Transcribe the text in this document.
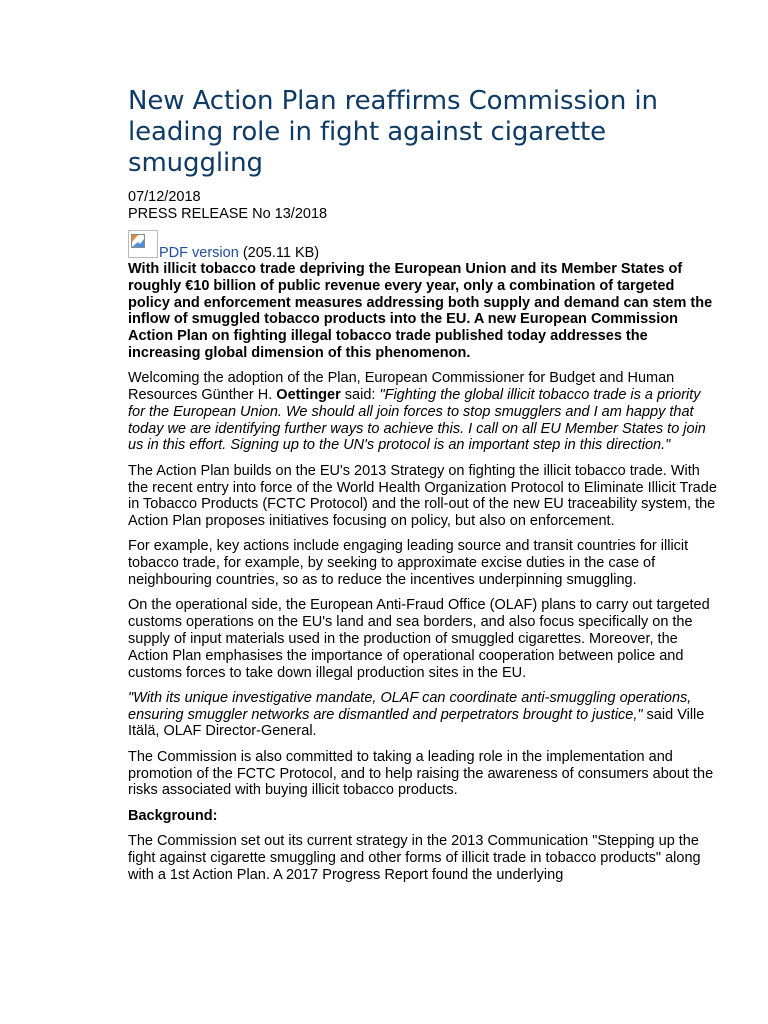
New Action Plan reaffirms Commission in leading role in fight against cigarette smuggling
07/12/2018
PRESS RELEASE No 13/2018
PDF version (205.11 KB)

With illicit tobacco trade depriving the European Union and its Member States of roughly €10 billion of public revenue every year, only a combination of targeted policy and enforcement measures addressing both supply and demand can stem the inflow of smuggled tobacco products into the EU. A new European Commission Action Plan on fighting illegal tobacco trade published today addresses the increasing global dimension of this phenomenon.

Welcoming the adoption of the Plan, European Commissioner for Budget and Human Resources Günther H. Oettinger said: "Fighting the global illicit tobacco trade is a priority for the European Union. We should all join forces to stop smugglers and I am happy that today we are identifying further ways to achieve this. I call on all EU Member States to join us in this effort. Signing up to the UN's protocol is an important step in this direction."

The Action Plan builds on the EU's 2013 Strategy on fighting the illicit tobacco trade. With the recent entry into force of the World Health Organization Protocol to Eliminate Illicit Trade in Tobacco Products (FCTC Protocol) and the roll-out of the new EU traceability system, the Action Plan proposes initiatives focusing on policy, but also on enforcement.

For example, key actions include engaging leading source and transit countries for illicit tobacco trade, for example, by seeking to approximate excise duties in the case of neighbouring countries, so as to reduce the incentives underpinning smuggling.

On the operational side, the European Anti-Fraud Office (OLAF) plans to carry out targeted customs operations on the EU's land and sea borders, and also focus specifically on the supply of input materials used in the production of smuggled cigarettes. Moreover, the Action Plan emphasises the importance of operational cooperation between police and customs forces to take down illegal production sites in the EU.

"With its unique investigative mandate, OLAF can coordinate anti-smuggling operations, ensuring smuggler networks are dismantled and perpetrators brought to justice," said Ville Itälä, OLAF Director-General.

The Commission is also committed to taking a leading role in the implementation and promotion of the FCTC Protocol, and to help raising the awareness of consumers about the risks associated with buying illicit tobacco products.

Background:

The Commission set out its current strategy in the 2013 Communication "Stepping up the fight against cigarette smuggling and other forms of illicit trade in tobacco products" along with a 1st Action Plan. A 2017 Progress Report found the underlying
